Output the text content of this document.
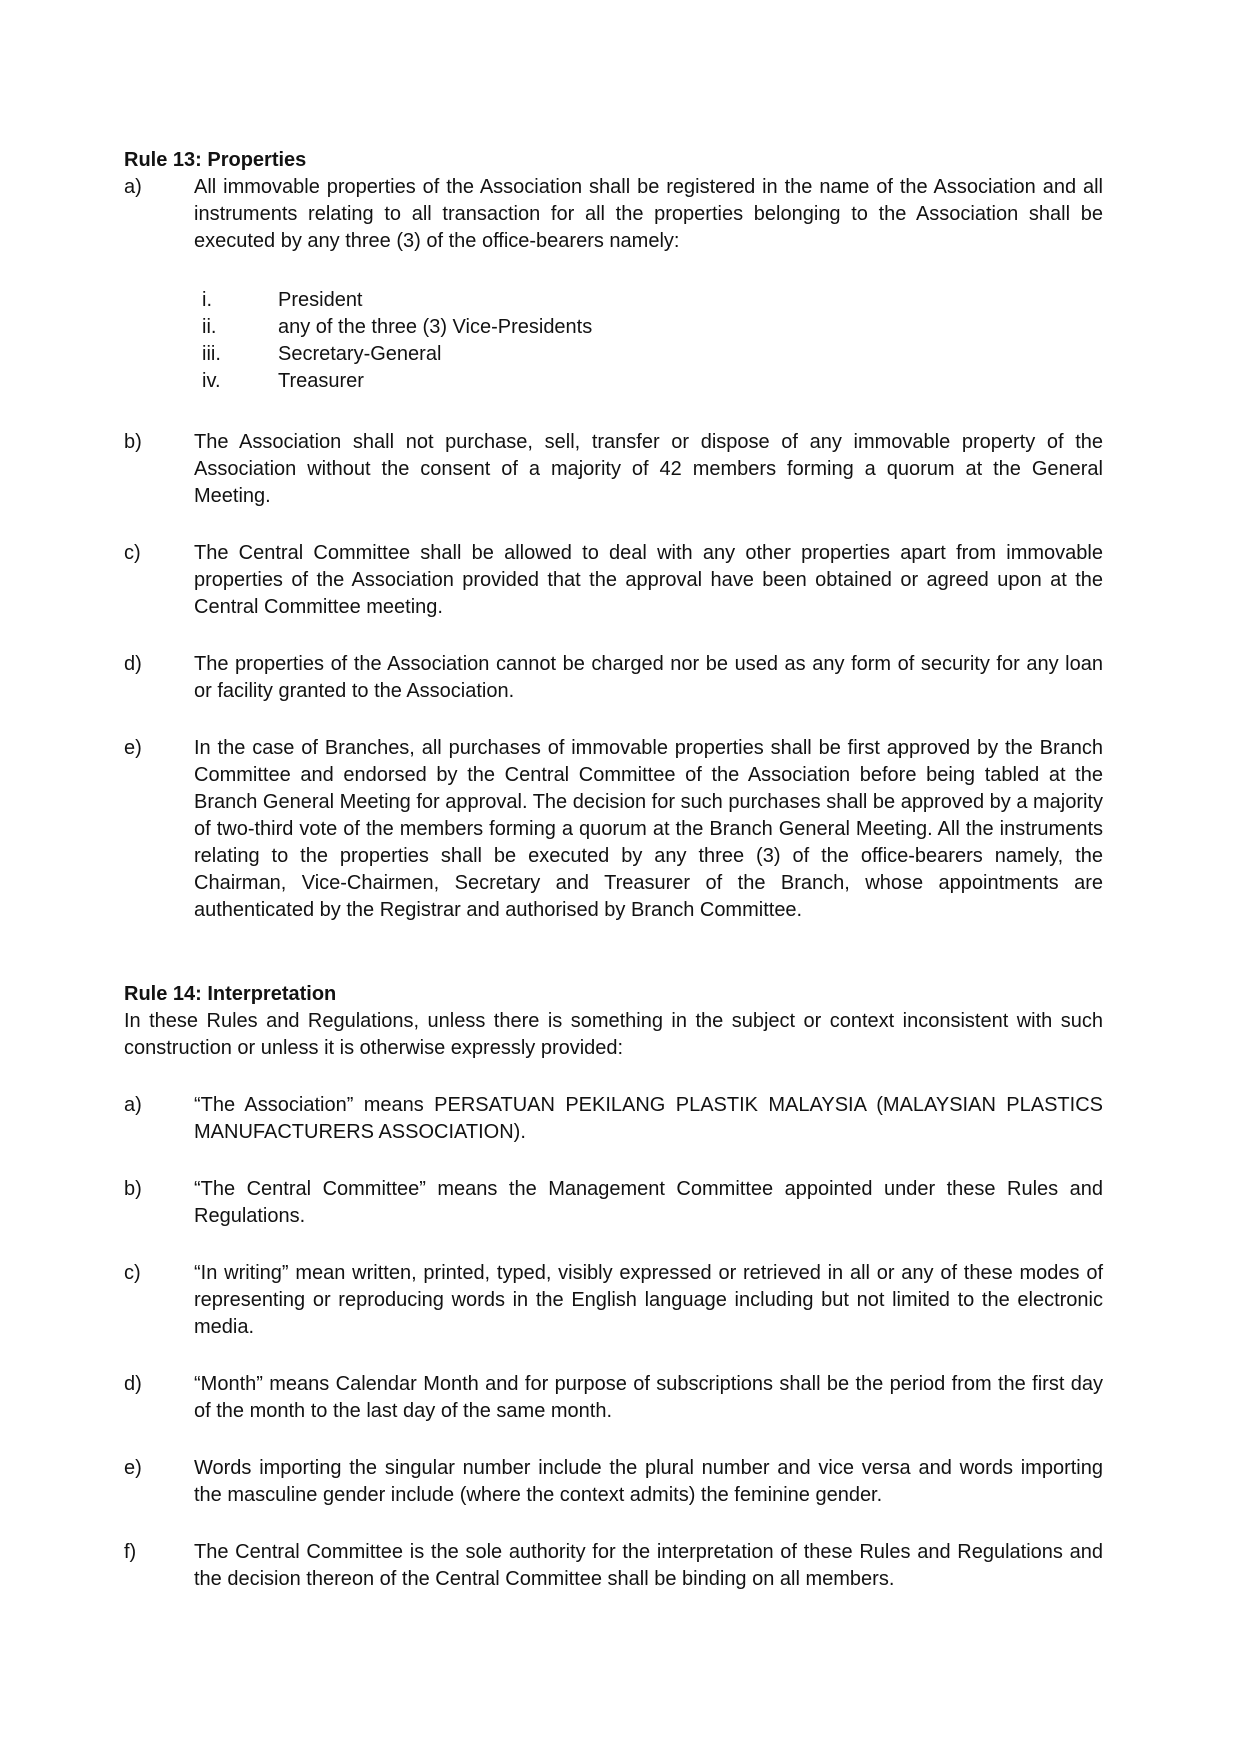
Rule 13: Properties
a)	All immovable properties of the Association shall be registered in the name of the Association and all instruments relating to all transaction for all the properties belonging to the Association shall be executed by any three (3) of the office-bearers namely:
i.	President
ii.	any of the three (3) Vice-Presidents
iii.	Secretary-General
iv.	Treasurer
b)	The Association shall not purchase, sell, transfer or dispose of any immovable property of the Association without the consent of a majority of 42 members forming a quorum at the General Meeting.
c)	The Central Committee shall be allowed to deal with any other properties apart from immovable properties of the Association provided that the approval have been obtained or agreed upon at the Central Committee meeting.
d)	The properties of the Association cannot be charged nor be used as any form of security for any loan or facility granted to the Association.
e)	In the case of Branches, all purchases of immovable properties shall be first approved by the Branch Committee and endorsed by the Central Committee of the Association before being tabled at the Branch General Meeting for approval. The decision for such purchases shall be approved by a majority of two-third vote of the members forming a quorum at the Branch General Meeting. All the instruments relating to the properties shall be executed by any three (3) of the office-bearers namely, the Chairman, Vice-Chairmen, Secretary and Treasurer of the Branch, whose appointments are authenticated by the Registrar and authorised by Branch Committee.
Rule 14: Interpretation

In these Rules and Regulations, unless there is something in the subject or context inconsistent with such construction or unless it is otherwise expressly provided:

a)	“The Association” means PERSATUAN PEKILANG PLASTIK MALAYSIA (MALAYSIAN PLASTICS MANUFACTURERS ASSOCIATION).
b)	“The Central Committee” means the Management Committee appointed under these Rules and Regulations.
c)	“In writing” mean written, printed, typed, visibly expressed or retrieved in all or any of these modes of representing or reproducing words in the English language including but not limited to the electronic media.
d)	“Month” means Calendar Month and for purpose of subscriptions shall be the period from the first day of the month to the last day of the same month.
e)	Words importing the singular number include the plural number and vice versa and words importing the masculine gender include (where the context admits) the feminine gender.
f)	The Central Committee is the sole authority for the interpretation of these Rules and Regulations and the decision thereon of the Central Committee shall be binding on all members.
